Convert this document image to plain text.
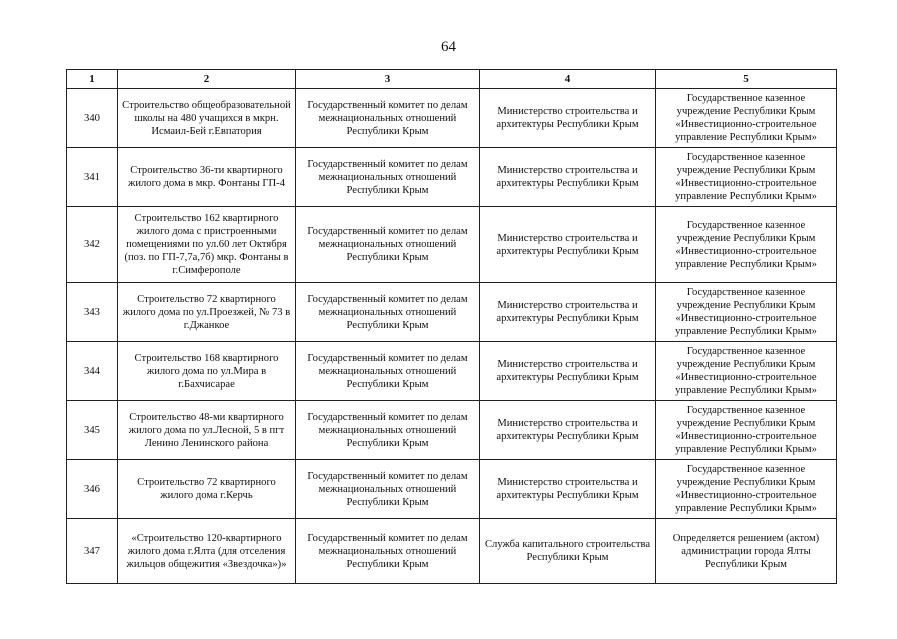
64
1	2	3	4	5
340	Строительство общеобразовательной школы на 480 учащихся в мкрн. Исмаил-Бей г.Евпатория	Государственный комитет по делам межнациональных отношений Республики Крым	Министерство строительства и архитектуры Республики Крым	Государственное казенное учреждение Республики Крым «Инвестиционно-строительное управление Республики Крым»
341	Строительство 36-ти квартирного жилого дома в мкр. Фонтаны ГП-4	Государственный комитет по делам межнациональных отношений Республики Крым	Министерство строительства и архитектуры Республики Крым	Государственное казенное учреждение Республики Крым «Инвестиционно-строительное управление Республики Крым»
342	Строительство 162 квартирного жилого дома с пристроенными помещениями по ул.60 лет Октября (поз. по ГП-7,7а,7б) мкр. Фонтаны в г.Симферополе	Государственный комитет по делам межнациональных отношений Республики Крым	Министерство строительства и архитектуры Республики Крым	Государственное казенное учреждение Республики Крым «Инвестиционно-строительное управление Республики Крым»
343	Строительство 72 квартирного жилого дома по ул.Проезжей, № 73 в г.Джанкое	Государственный комитет по делам межнациональных отношений Республики Крым	Министерство строительства и архитектуры Республики Крым	Государственное казенное учреждение Республики Крым «Инвестиционно-строительное управление Республики Крым»
344	Строительство 168 квартирного жилого дома по ул.Мира в г.Бахчисарае	Государственный комитет по делам межнациональных отношений Республики Крым	Министерство строительства и архитектуры Республики Крым	Государственное казенное учреждение Республики Крым «Инвестиционно-строительное управление Республики Крым»
345	Строительство 48-ми квартирного жилого дома по ул.Лесной, 5 в пгт Ленино Ленинского района	Государственный комитет по делам межнациональных отношений Республики Крым	Министерство строительства и архитектуры Республики Крым	Государственное казенное учреждение Республики Крым «Инвестиционно-строительное управление Республики Крым»
346	Строительство 72 квартирного жилого дома г.Керчь	Государственный комитет по делам межнациональных отношений Республики Крым	Министерство строительства и архитектуры Республики Крым	Государственное казенное учреждение Республики Крым «Инвестиционно-строительное управление Республики Крым»
347	«Строительство 120-квартирного жилого дома г.Ялта (для отселения жильцов общежития «Звездочка»)»	Государственный комитет по делам межнациональных отношений Республики Крым	Служба капитального строительства Республики Крым	Определяется решением (актом) администрации города Ялты Республики Крым
